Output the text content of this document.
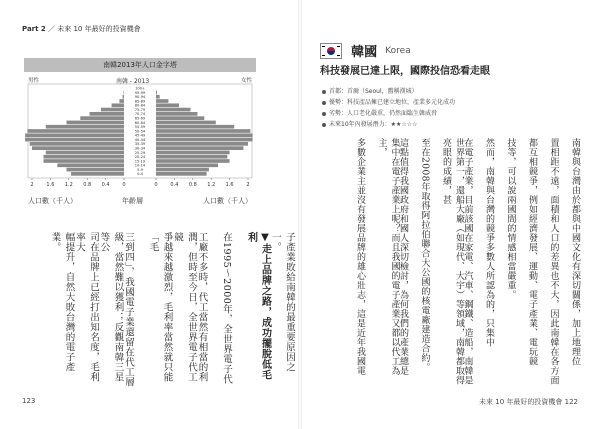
Part 2 ／ 未來 10 年最好的投資機會
南韓2013年人口金字塔
男性	南韓 - 2013	女性
0-4
5-9
10-14
15-19
20-24
25-29
30-34
35-39
40-44
45-49
50-54
55-59
60-64
65-69
70-74
75-79
80-84
85-89
90-94
95-99
100+
2	1.6 1.2 0.8 0.4	0	0	0.4 0.8 1.2 1.6	2
人口數（千人）	年齡層	人口數（千人）
子產業敗給南韓的最重要原因之一。
▼走上品牌之路，成功擺脫低毛利
在1995～2000年，全世界電子代
工廠不多時，代工當然有相當的利
潤，但時至今日，全世界電子代工競
爭越來越激烈，毛利率當然就只能「毛
三到四」，我國電子業還留在代工層
級，當然難以獲利；反觀南韓三星等公
司在品牌上已經打出知名度，毛利率大
幅提升，自然大敗台灣的電子產業。
123
韓國 Korea
科技發展已達上限，國際投信恐看走眼
首都：首爾（Seoul，舊稱漢城）
優勢：科技產品擁已建立地位，產業多元化成功
劣勢：人口老化嚴重，仍然面臨生韓威脅
未來10年內發展潛力：★★☆☆☆
南韓與台灣由於都與中國文化有深切關係，加上地理位
置相距不遠，面積和人口的差異也不大，因此南韓在各方面
都互相競爭，例如經濟發展、運動、電子產業、電玩競
技等，可以說兩國間的情感相當嚴重。
然而，南韓與台灣的競爭多數人所認為的，只集中
在電子產業，目前該國在家電、汽車、鋼鐵、造船，南韓是
世界第一，還船大廠（如現代、大宇）等領域，南韓都取得亮眼的成績，甚
至在2008年取得阿拉伯聯合大公國的核電廠建造合約。
這點值得我國政府和國人深切檢討，為何我們的產業總是
集中在電子產業上呢？而且我國的電子產業又都以代工為主，
多數企業主並沒有發展品牌的雄心壯志，這是近年我國電
未來 10 年最好的投資機會 122
